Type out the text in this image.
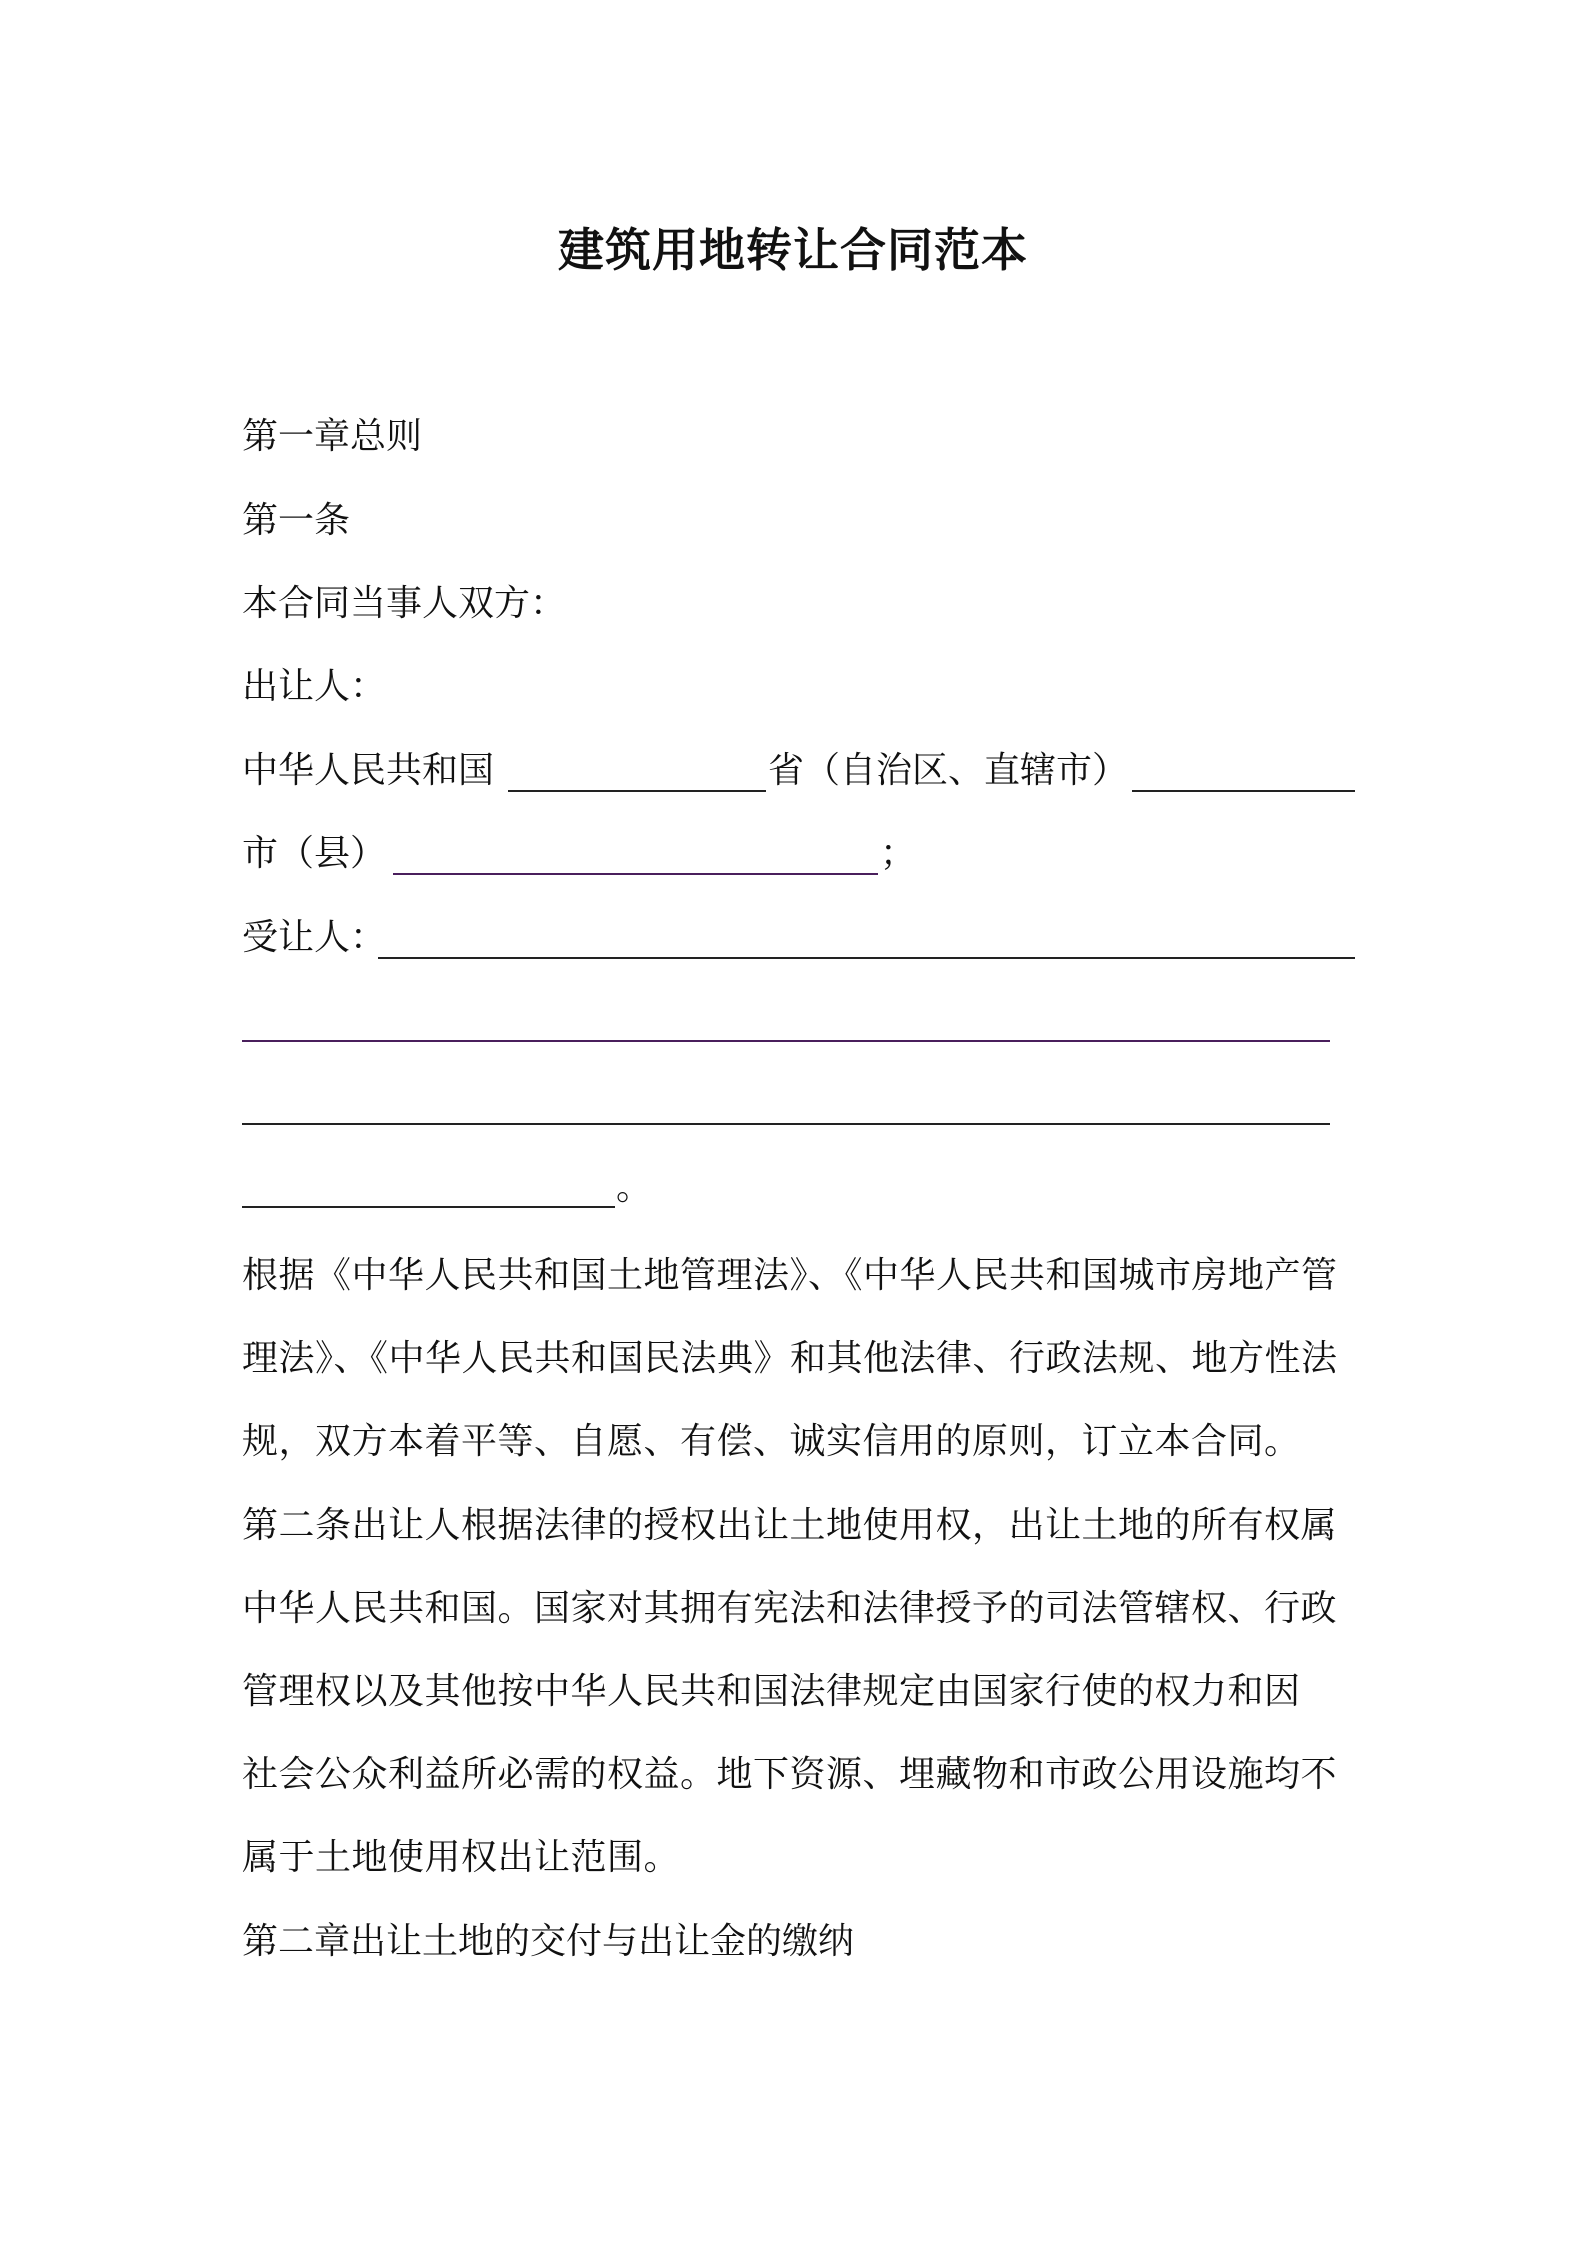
建筑用地转让合同范本
第一章总则
第一条
本合同当事人双方：
出让人：
中华人民共和国	省（自治区、直辖市）
市（县）	；
受让人：
。
根据《中华人民共和国土地管理法》、《中华人民共和国城市房地产管
理法》、《中华人民共和国民法典》和其他法律、行政法规、地方性法
规，双方本着平等、自愿、有偿、诚实信用的原则，订立本合同。
第二条出让人根据法律的授权出让土地使用权，出让土地的所有权属
中华人民共和国。国家对其拥有宪法和法律授予的司法管辖权、行政
管理权以及其他按中华人民共和国法律规定由国家行使的权力和因
社会公众利益所必需的权益。地下资源、埋藏物和市政公用设施均不
属于土地使用权出让范围。
第二章出让土地的交付与出让金的缴纳
